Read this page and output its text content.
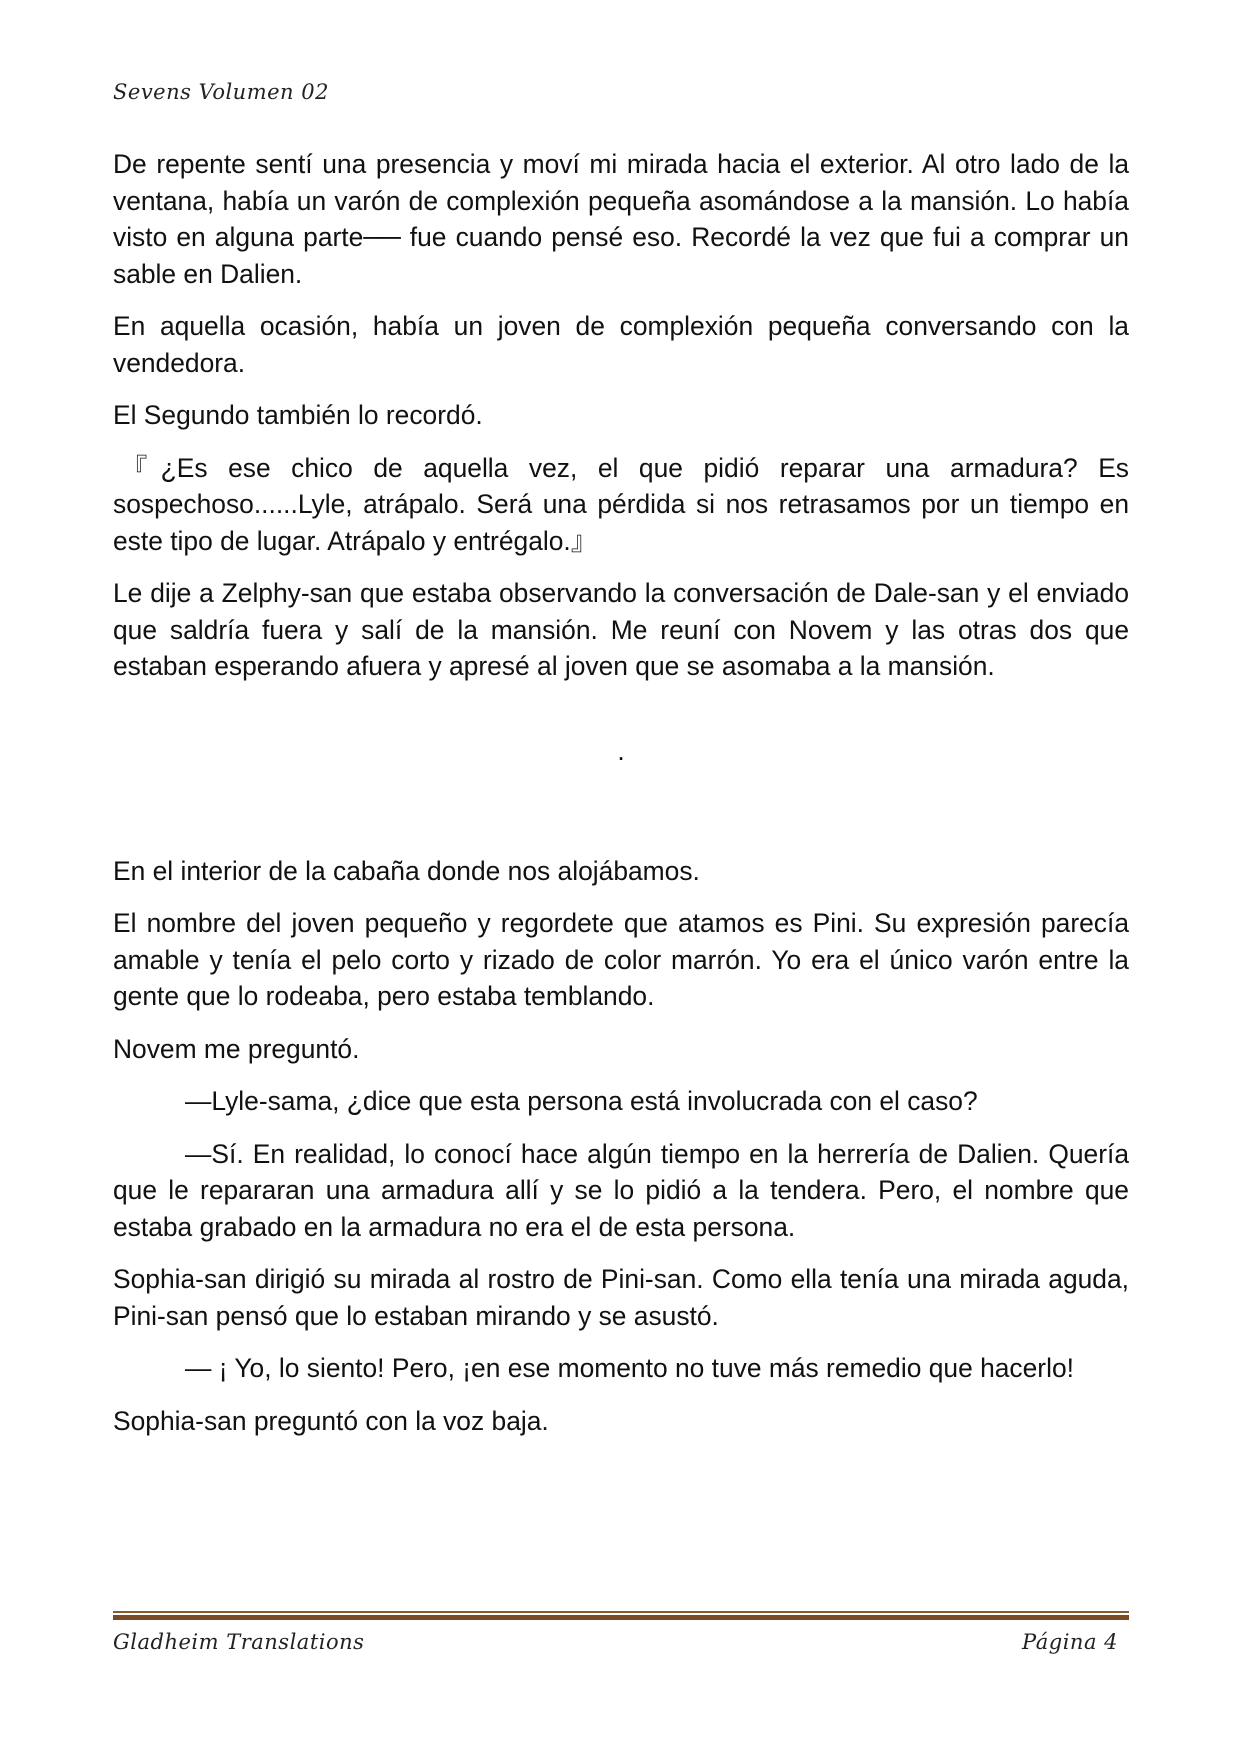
Sevens Volumen 02

De repente sentí una presencia y moví mi mirada hacia el exterior. Al otro lado de la ventana, había un varón de complexión pequeña asomándose a la mansión. Lo había visto en alguna parte── fue cuando pensé eso. Recordé la vez que fui a comprar un sable en Dalien.

En aquella ocasión, había un joven de complexión pequeña conversando con la vendedora.

El Segundo también lo recordó.

『¿Es ese chico de aquella vez, el que pidió reparar una armadura? Es sospechoso......Lyle, atrápalo. Será una pérdida si nos retrasamos por un tiempo en este tipo de lugar. Atrápalo y entrégalo.』

Le dije a Zelphy-san que estaba observando la conversación de Dale-san y el enviado que saldría fuera y salí de la mansión. Me reuní con Novem y las otras dos que estaban esperando afuera y apresé al joven que se asomaba a la mansión.

.

En el interior de la cabaña donde nos alojábamos.

El nombre del joven pequeño y regordete que atamos es Pini. Su expresión parecía amable y tenía el pelo corto y rizado de color marrón. Yo era el único varón entre la gente que lo rodeaba, pero estaba temblando.

Novem me preguntó.

—Lyle-sama, ¿dice que esta persona está involucrada con el caso?

—Sí. En realidad, lo conocí hace algún tiempo en la herrería de Dalien. Quería que le repararan una armadura allí y se lo pidió a la tendera. Pero, el nombre que estaba grabado en la armadura no era el de esta persona.

Sophia-san dirigió su mirada al rostro de Pini-san. Como ella tenía una mirada aguda, Pini-san pensó que lo estaban mirando y se asustó.

— ¡ Yo, lo siento! Pero, ¡en ese momento no tuve más remedio que hacerlo!

Sophia-san preguntó con la voz baja.

Gladheim Translations	Página 4
